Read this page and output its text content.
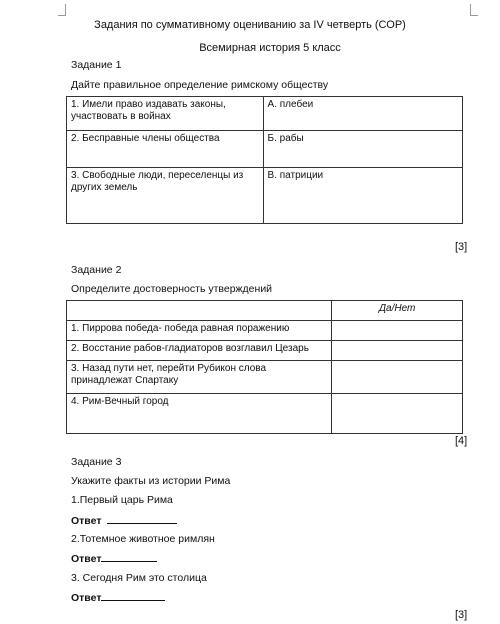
Задания по суммативному оцениванию за IV четверть (СОР)
Всемирная история 5 класс
Задание 1
Дайте правильное определение римскому обществу
1. Имели право издавать законы, участвовать в войнах	А. плебеи
2. Бесправные члены общества	Б. рабы
3. Свободные люди, переселенцы из других земель	В. патриции
[3]
Задание 2
Определите достоверность утверждений
	Да/Нет
1. Пиррова победа- победа равная поражению	
2. Восстание рабов-гладиаторов возглавил Цезарь	
3. Назад пути нет, перейти Рубикон слова принадлежат Спартаку	
4. Рим-Вечный город	
[4]
Задание 3
Укажите факты из истории Рима
1.Первый царь Рима
Ответ
2.Тотемное животное римлян
Ответ
3. Сегодня Рим это столица
Ответ
[3]
